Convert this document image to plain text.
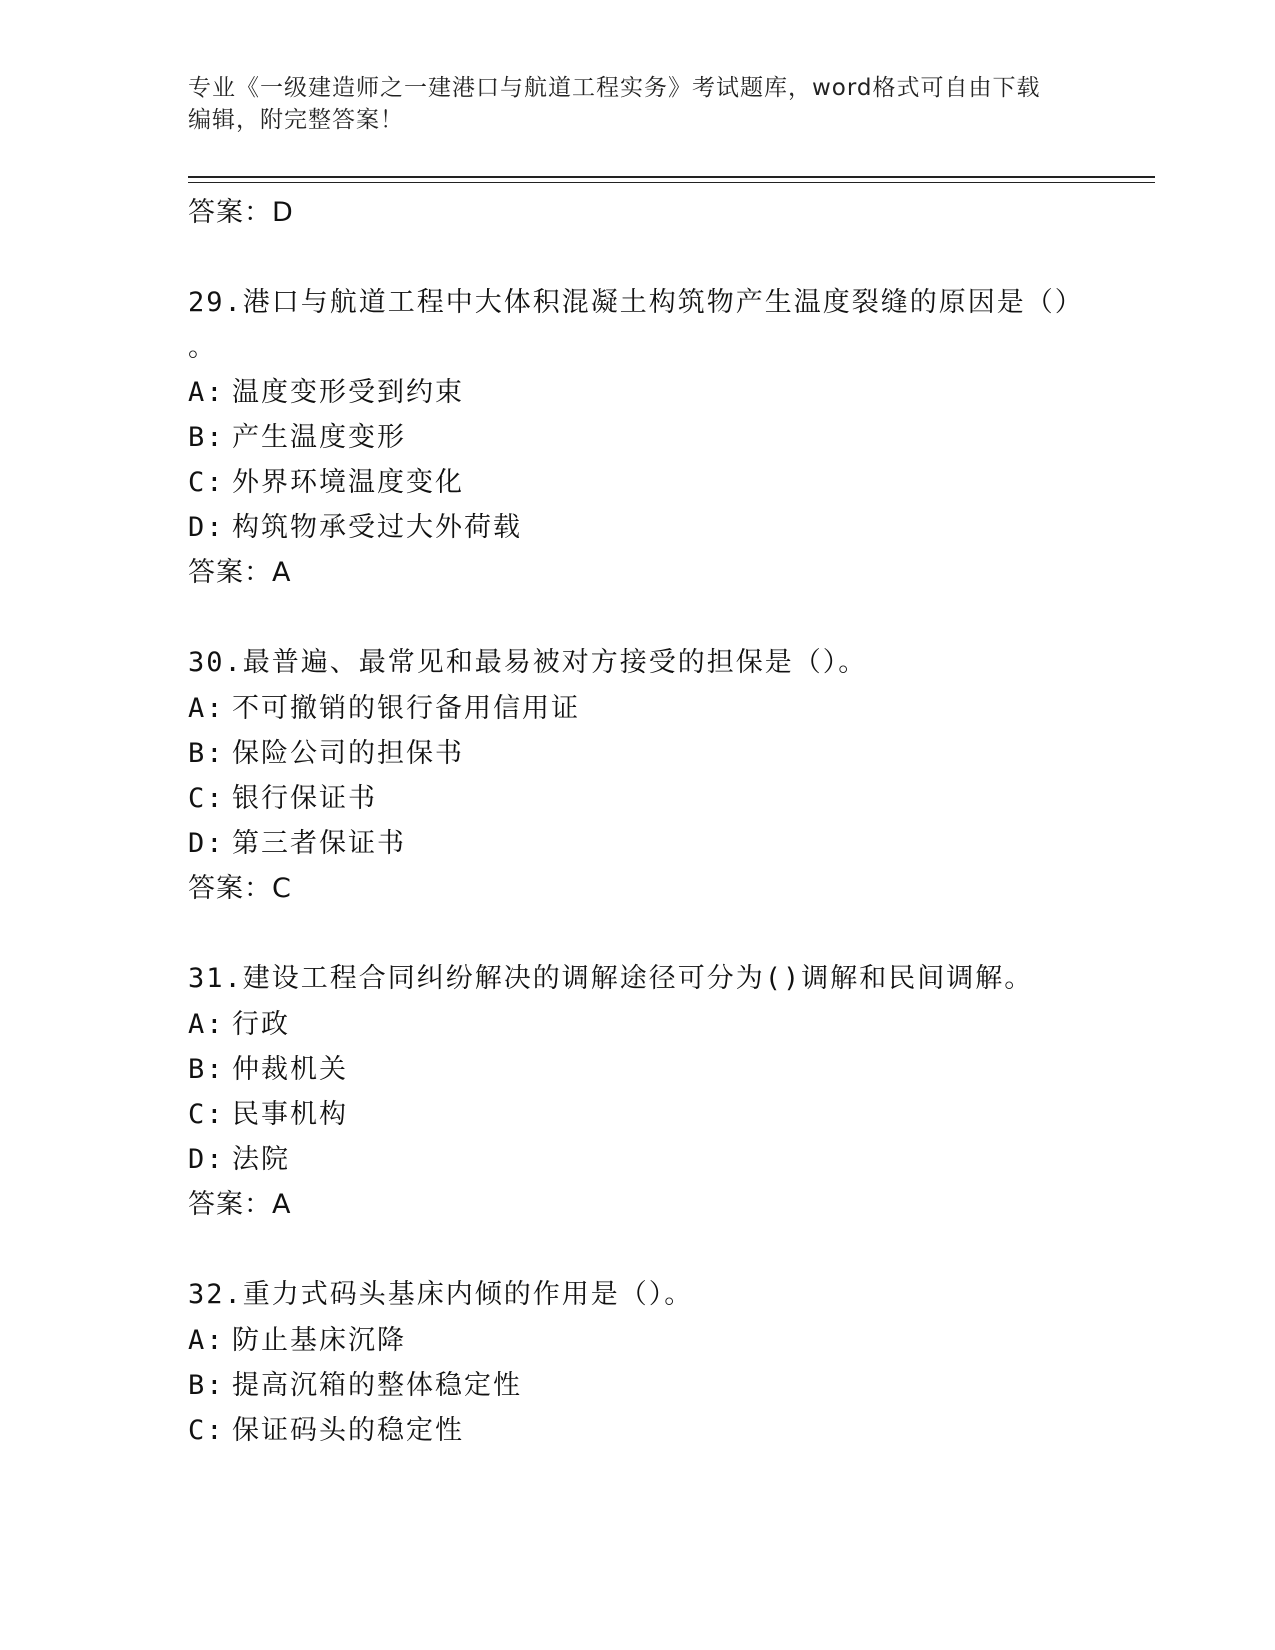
专业《一级建造师之一建港口与航道工程实务》考试题库，word格式可自由下载
编辑，附完整答案！
答案：D
29.港口与航道工程中大体积混凝土构筑物产生温度裂缝的原因是（）
。
A: 温度变形受到约束
B: 产生温度变形
C: 外界环境温度变化
D: 构筑物承受过大外荷载
答案：A
30.最普遍、最常见和最易被对方接受的担保是（）。
A: 不可撤销的银行备用信用证
B: 保险公司的担保书
C: 银行保证书
D: 第三者保证书
答案：C
31.建设工程合同纠纷解决的调解途径可分为()调解和民间调解。
A: 行政
B: 仲裁机关
C: 民事机构
D: 法院
答案：A
32.重力式码头基床内倾的作用是（）。
A: 防止基床沉降
B: 提高沉箱的整体稳定性
C: 保证码头的稳定性
